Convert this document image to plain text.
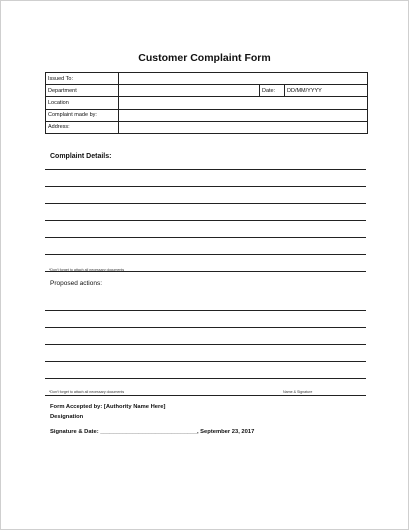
Customer Complaint Form
Issued To:			
Department		Date:	DD/MM/YYYY
Location			
Complaint made by:			
Address:			
Complaint Details:
*Don't forget to attach all necessary documents
Proposed actions:
*Don't forget to attach all necessary documents	Name & Signature
Form Accepted by: [Authority Name Here]
Designation
Signature & Date: ______________________________, September 23, 2017
